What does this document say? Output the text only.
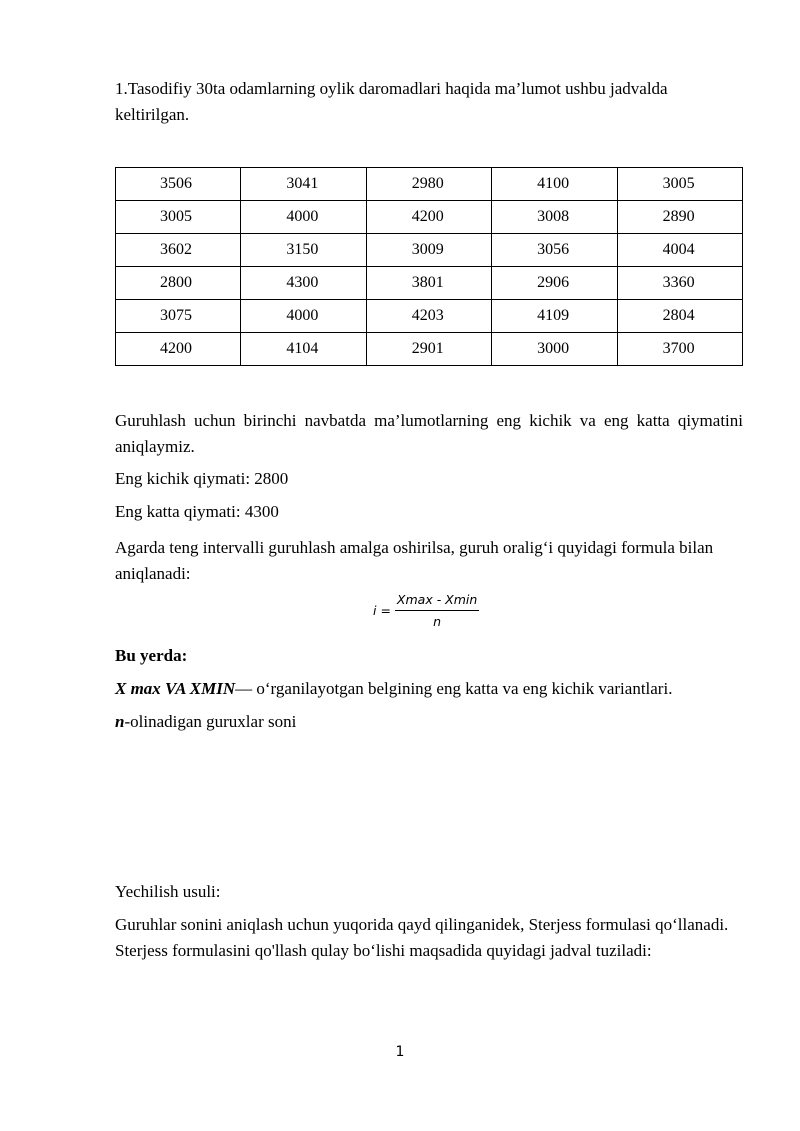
1.Tasodifiy 30ta odamlarning oylik daromadlari haqida ma’lumot ushbu jadvalda keltirilgan.

3506	3041	2980	4100	3005
3005	4000	4200	3008	2890
3602	3150	3009	3056	4004
2800	4300	3801	2906	3360
3075	4000	4203	4109	2804
4200	4104	2901	3000	3700

Guruhlash uchun birinchi navbatda ma’lumotlarning eng kichik va eng katta qiymatini aniqlaymiz.

Eng kichik qiymati: 2800

Eng katta qiymati: 4300

Agarda teng intervalli guruhlash amalga oshirilsa, guruh oralig‘i quyidagi formula bilan aniqlanadi:

$i = \frac{Xmax - Xmin}{n}$

Bu yerda:

X max VA XMIN— o‘rganilayotgan belgining eng katta va eng kichik variantlari.

n-olinadigan guruxlar soni

Yechilish usuli:

Guruhlar sonini aniqlash uchun yuqorida qayd qilinganidek, Sterjess formulasi qo‘llanadi. Sterjess formulasini qo'llash qulay bo‘lishi maqsadida quyidagi jadval tuziladi:

1
